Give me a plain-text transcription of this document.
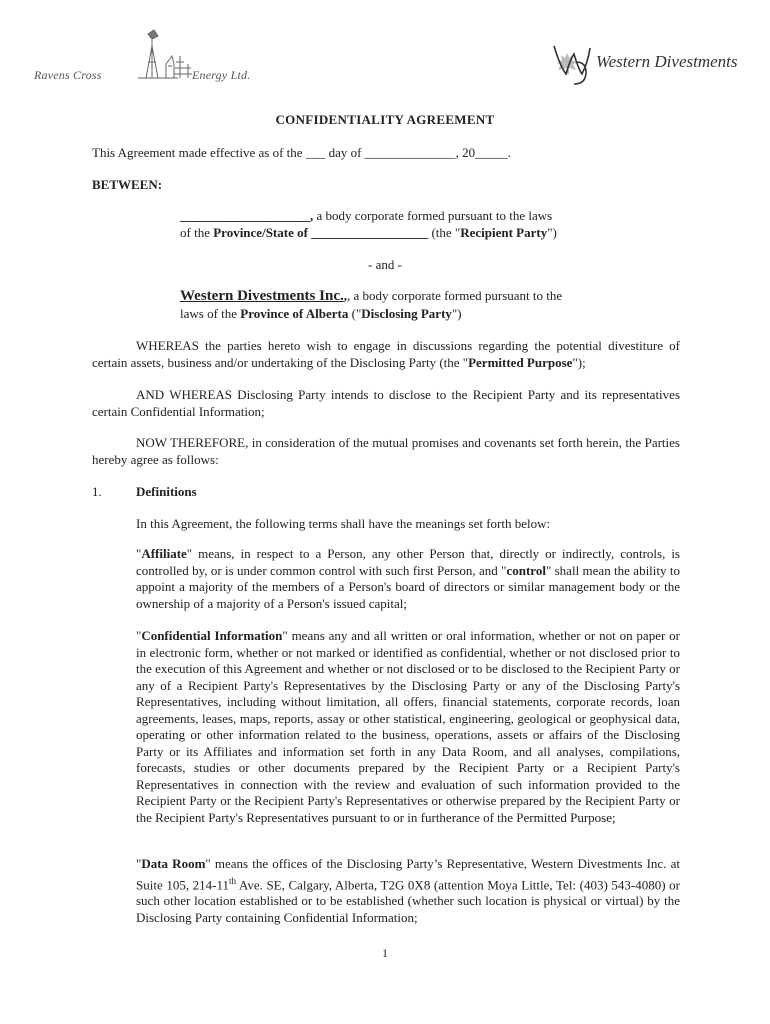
Ravens Cross	Energy Ltd.
Western Divestments
CONFIDENTIALITY AGREEMENT
This Agreement made effective as of the ___ day of ______________, 20_____.
BETWEEN:
____________________, a body corporate formed pursuant to the laws
of the Province/State of __________________ (the "Recipient Party")
- and -
Western Divestments Inc.,, a body corporate formed pursuant to the
laws of the Province of Alberta ("Disclosing Party")
WHEREAS the parties hereto wish to engage in discussions regarding the potential divestiture of certain assets, business and/or undertaking of the Disclosing Party (the "Permitted Purpose");
AND WHEREAS Disclosing Party intends to disclose to the Recipient Party and its representatives certain Confidential Information;
NOW THEREFORE, in consideration of the mutual promises and covenants set forth herein, the Parties hereby agree as follows:
1.	Definitions
In this Agreement, the following terms shall have the meanings set forth below:
"Affiliate" means, in respect to a Person, any other Person that, directly or indirectly, controls, is controlled by, or is under common control with such first Person, and "control" shall mean the ability to appoint a majority of the members of a Person's board of directors or similar management body or the ownership of a majority of a Person's issued capital;
"Confidential Information" means any and all written or oral information, whether or not on paper or in electronic form, whether or not marked or identified as confidential, whether or not disclosed prior to the execution of this Agreement and whether or not disclosed or to be disclosed to the Recipient Party or any of a Recipient Party's Representatives by the Disclosing Party or any of the Disclosing Party's Representatives, including without limitation, all offers, financial statements, corporate records, loan agreements, leases, maps, reports, assay or other statistical, engineering, geological or geophysical data, operating or other information related to the business, operations, assets or affairs of the Disclosing Party or its Affiliates and information set forth in any Data Room, and all analyses, compilations, forecasts, studies or other documents prepared by the Recipient Party or a Recipient Party's Representatives in connection with the review and evaluation of such information provided to the Recipient Party or the Recipient Party's Representatives or otherwise prepared by the Recipient Party or the Recipient Party's Representatives pursuant to or in furtherance of the Permitted Purpose;
"Data Room" means the offices of the Disclosing Party’s Representative, Western Divestments Inc. at Suite 105, 214-11th Ave. SE, Calgary, Alberta, T2G 0X8 (attention Moya Little, Tel: (403) 543-4080) or such other location established or to be established (whether such location is physical or virtual) by the Disclosing Party containing Confidential Information;
1
